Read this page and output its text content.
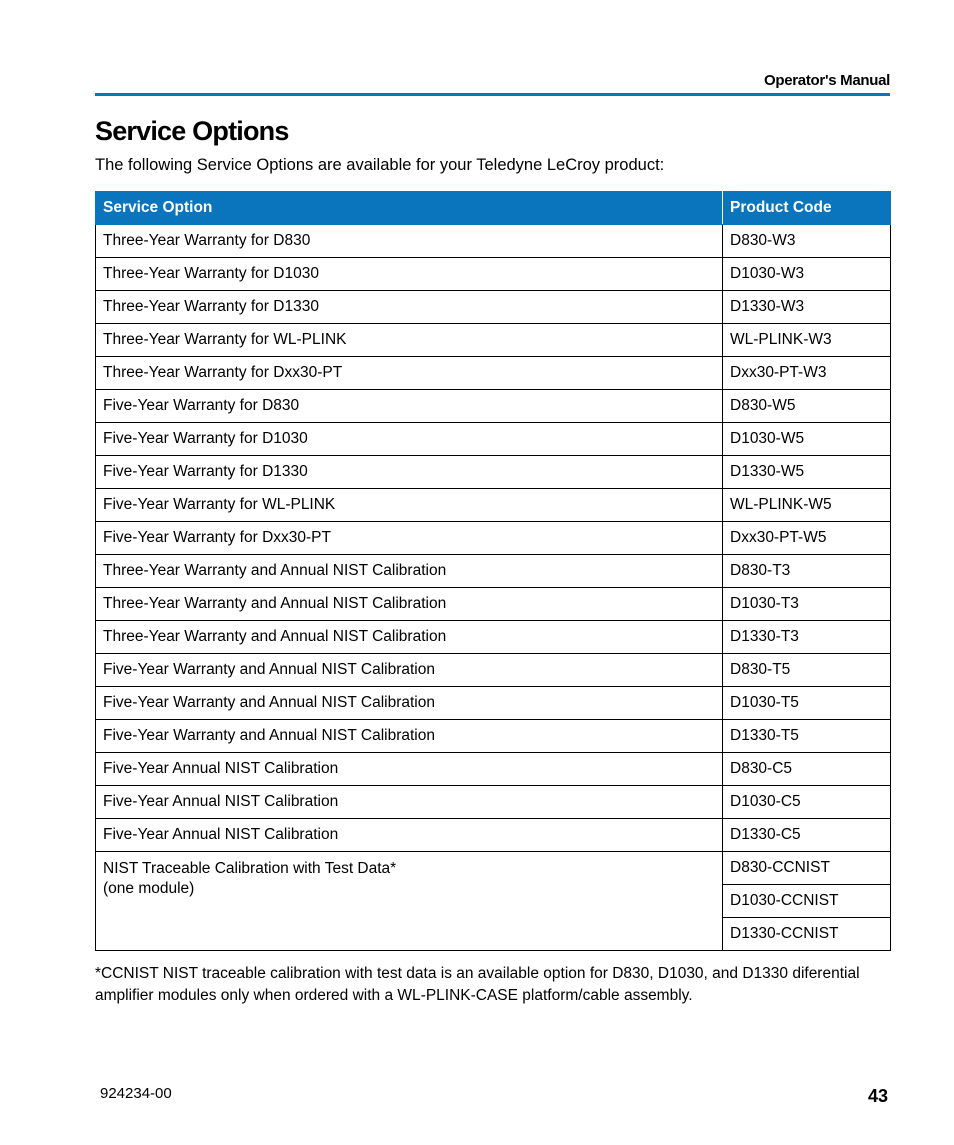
Operator's Manual
Service Options
The following Service Options are available for your Teledyne LeCroy product:
Service Option	Product Code
Three-Year Warranty for D830	D830-W3
Three-Year Warranty for D1030	D1030-W3
Three-Year Warranty for D1330	D1330-W3
Three-Year Warranty for WL-PLINK	WL-PLINK-W3
Three-Year Warranty for Dxx30-PT	Dxx30-PT-W3
Five-Year Warranty for D830	D830-W5
Five-Year Warranty for D1030	D1030-W5
Five-Year Warranty for D1330	D1330-W5
Five-Year Warranty for WL-PLINK	WL-PLINK-W5
Five-Year Warranty for Dxx30-PT	Dxx30-PT-W5
Three-Year Warranty and Annual NIST Calibration	D830-T3
Three-Year Warranty and Annual NIST Calibration	D1030-T3
Three-Year Warranty and Annual NIST Calibration	D1330-T3
Five-Year Warranty and Annual NIST Calibration	D830-T5
Five-Year Warranty and Annual NIST Calibration	D1030-T5
Five-Year Warranty and Annual NIST Calibration	D1330-T5
Five-Year Annual NIST Calibration	D830-C5
Five-Year Annual NIST Calibration	D1030-C5
Five-Year Annual NIST Calibration	D1330-C5

NIST Traceable Calibration with Test Data*
(one module)	D830-CCNIST
	D1030-CCNIST
	D1330-CCNIST
*CCNIST NIST traceable calibration with test data is an available option for D830, D1030, and D1330 diferential amplifier modules only when ordered with a WL-PLINK-CASE platform/cable assembly.
924234-00	43
